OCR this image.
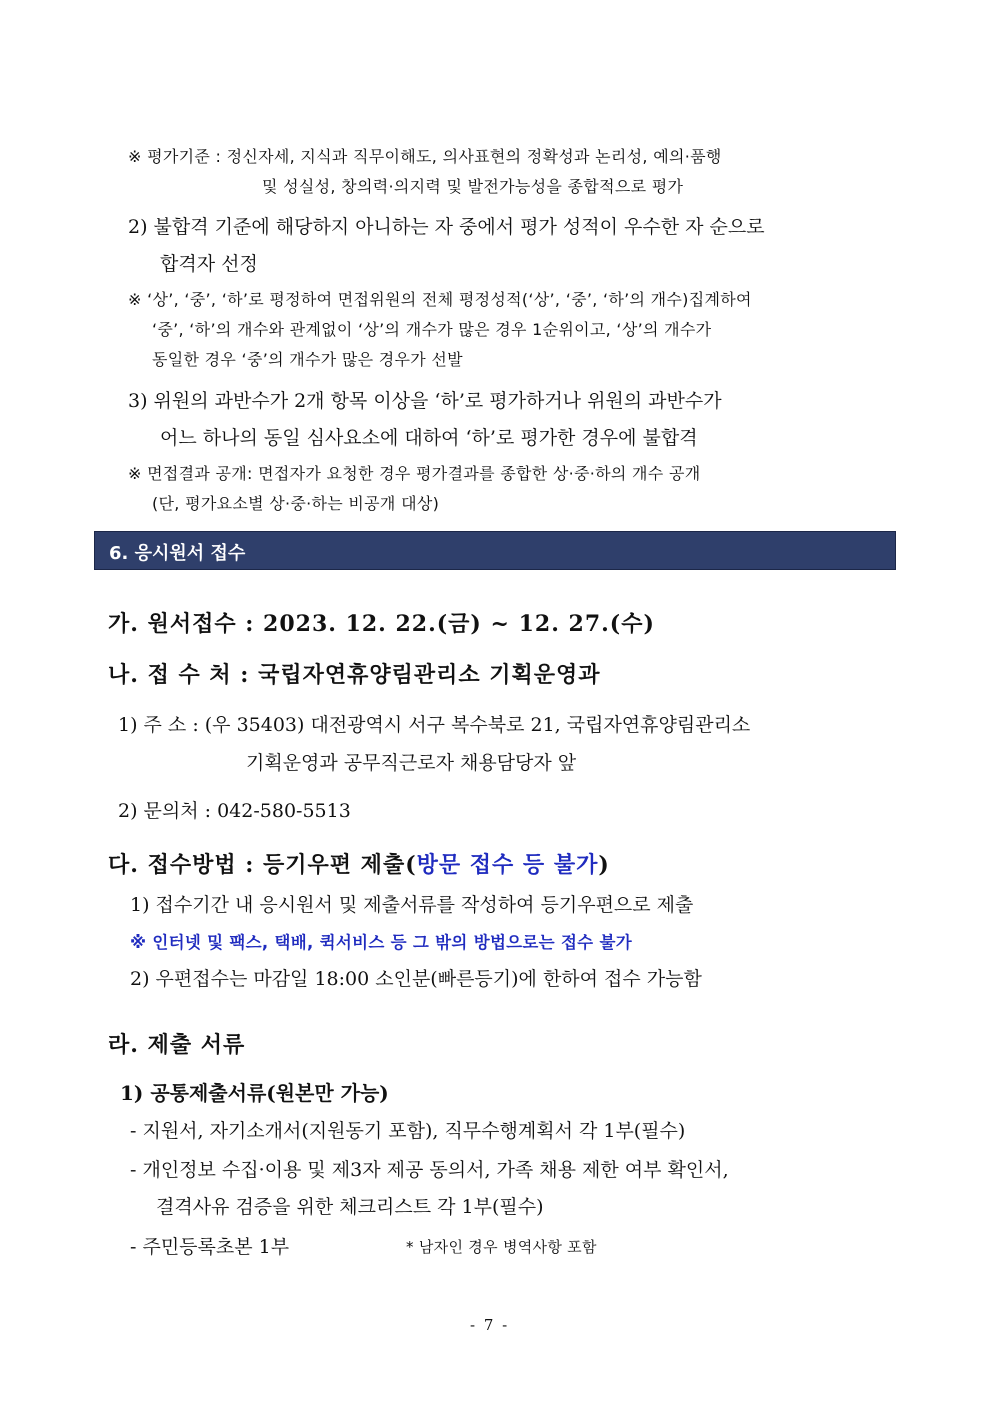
※ 평가기준 : 정신자세, 지식과 직무이해도, 의사표현의 정확성과 논리성, 예의·품행
및 성실성, 창의력·의지력 및 발전가능성을 종합적으로 평가
2) 불합격 기준에 해당하지 아니하는 자 중에서 평가 성적이 우수한 자 순으로
합격자 선정
※ ‘상’, ‘중’, ‘하’로 평정하여 면접위원의 전체 평정성적(‘상’, ‘중’, ‘하’의 개수)집계하여
‘중’, ‘하’의 개수와 관계없이 ‘상’의 개수가 많은 경우 1순위이고, ‘상’의 개수가
동일한 경우 ‘중’의 개수가 많은 경우가 선발
3) 위원의 과반수가 2개 항목 이상을 ‘하’로 평가하거나 위원의 과반수가
어느 하나의 동일 심사요소에 대하여 ‘하’로 평가한 경우에 불합격
※ 면접결과 공개: 면접자가 요청한 경우 평가결과를 종합한 상·중·하의 개수 공개
(단, 평가요소별 상·중·하는 비공개 대상)
6. 응시원서 접수
가. 원서접수 : 2023. 12. 22.(금) ~ 12. 27.(수)
나. 접 수 처 : 국립자연휴양림관리소 기획운영과
1) 주 소 : (우 35403) 대전광역시 서구 복수북로 21, 국립자연휴양림관리소
기획운영과 공무직근로자 채용담당자 앞
2) 문의처 : 042-580-5513
다. 접수방법 : 등기우편 제출(방문 접수 등 불가)
1) 접수기간 내 응시원서 및 제출서류를 작성하여 등기우편으로 제출
※ 인터넷 및 팩스, 택배, 퀵서비스 등 그 밖의 방법으로는 접수 불가
2) 우편접수는 마감일 18:00 소인분(빠른등기)에 한하여 접수 가능함
라. 제출 서류
1) 공통제출서류(원본만 가능)
- 지원서, 자기소개서(지원동기 포함), 직무수행계획서 각 1부(필수)
- 개인정보 수집·이용 및 제3자 제공 동의서, 가족 채용 제한 여부 확인서,
결격사유 검증을 위한 체크리스트 각 1부(필수)
- 주민등록초본 1부	* 남자인 경우 병역사항 포함
- 7 -
